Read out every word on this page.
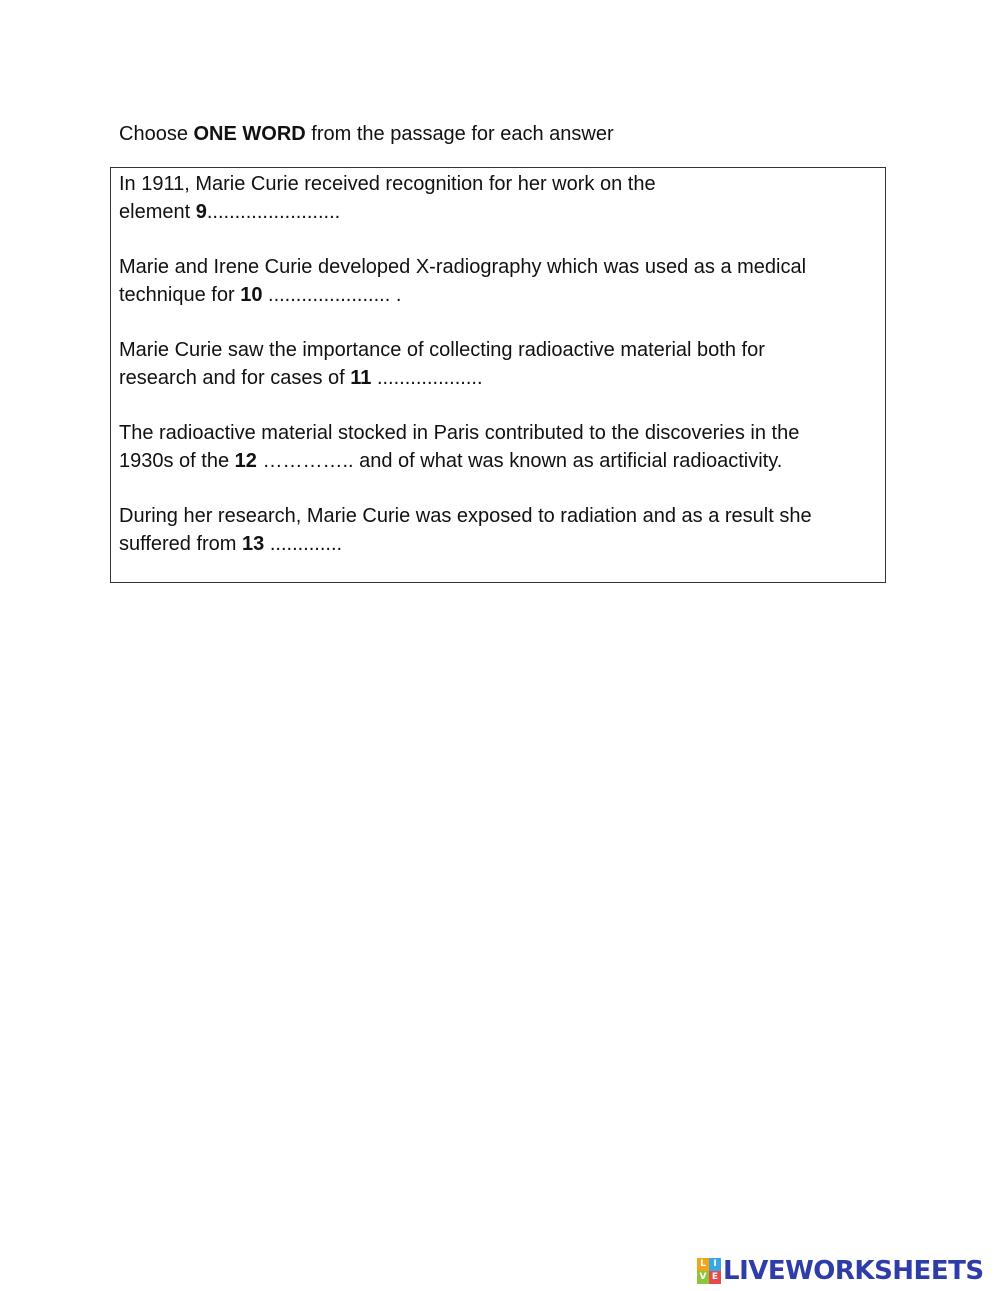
Choose ONE WORD from the passage for each answer
In 1911, Marie Curie received recognition for her work on the
element 9........................
Marie and Irene Curie developed X-radiography which was used as a medical
technique for 10 ...................... .
Marie Curie saw the importance of collecting radioactive material both for
research and for cases of 11 ...................
The radioactive material stocked in Paris contributed to the discoveries in the
1930s of the 12 ………….. and of what was known as artificial radioactivity.
During her research, Marie Curie was exposed to radiation and as a result she
suffered from 13 .............
L I
V E LIVEWORKSHEETS
